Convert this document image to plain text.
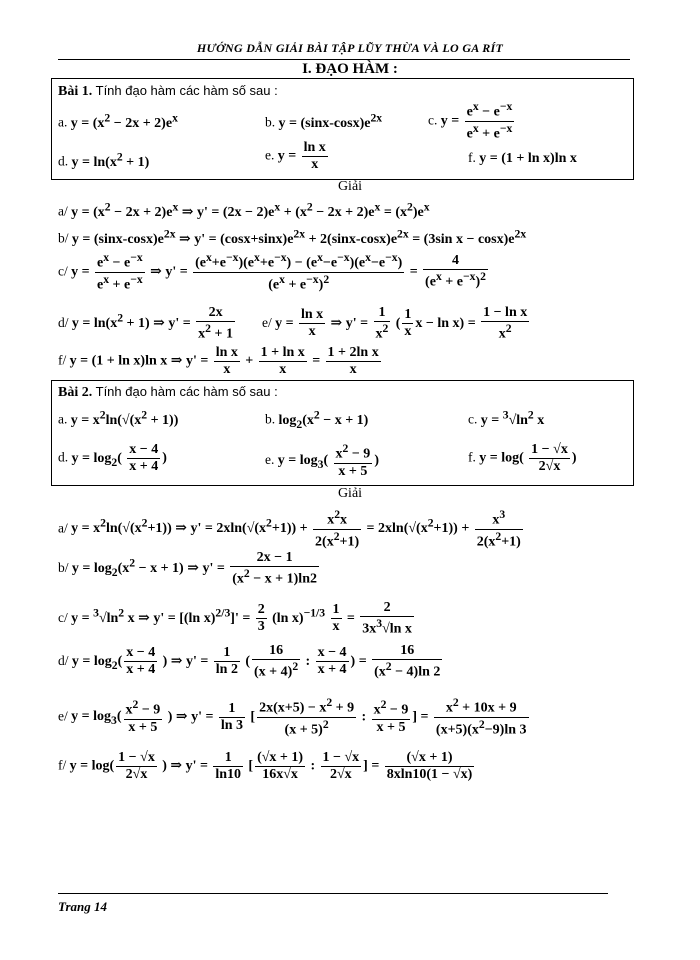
HƯỚNG DẪN GIẢI BÀI TẬP LŨY THỪA VÀ LO GA RÍT
I. ĐẠO HÀM :
Bài 1. Tính đạo hàm các hàm số sau :
a. $y = (x^2 - 2x + 2)e^x$	b. $y = (\sin x-\cos x)e^{2x}$	c. $y = \frac{e^x - e^{-x}}{e^x + e^{-x}}$
d. $y = \ln(x^2 + 1)$	e. $y = \frac{\text{ln x}}{x}$	f. y = (1 + ln x)ln x
Giải
a/ $y = (x^2 - 2x + 2)e^x$ ⇒ $y' = (2x - 2)e^x + (x^2 - 2x + 2)e^x = (x^2)e^x$
b/ $y = (\sin x-\cos x)e^{2x}$ ⇒ $y' = (\cos x+\sin x)e^{2x} + 2(\sin x-\cos x)e^{2x} = (3\sin$ $x - \cos x)e^{2x}$
c/ $y = \frac{e^x - e^{-x}}{e^x + e^{-x}}$ ⇒ $y' = \frac{(e^x+e^{-x})(e^x+e^{-x}) - (e^x-e^{-x})(e^x-e^{-x})}{(e^x + e^{-x})^2} = \frac{4}{(e^x + e^{-x})^2}$
d/ $y = \ln(x^2 + 1)$ ⇒ $y' = \frac{2x}{x^2 + 1} e/$ $y = \frac{\text{ln x}}{x}$ ⇒ $y' = \frac{1}{x^2}$ ( $\frac{1}{x}$ $x - \ln x) = \frac{\text{1 − ln x}}{x^2}$
f/ y = (1 + ln x)ln x ⇒ $y' = \frac{\text{ln x}}{x} + \frac{\text{1 + ln x}}{x} = \frac{\text{1 + 2ln x}}{x}$
Bài 2. Tính đạo hàm các hàm số sau :
a. $y = x^2\ln(√(x^2 + 1))$	b. $\log_2(x^2 - x + 1)$	c. $y = ^3√\ln^2$ x
d. $y = \log_2( \frac{x - 4}{x + 4}$ )	e. $y = \log_3( \frac{x^2 - 9}{x + 5}$ )	f. $y = \log( \frac{1 - √x}{2√x}$ )
Giải
a/ $y = x^2\ln(√(x^2+1))$ ⇒ $y' = 2xln(√(x^2+1)) + \frac{x^2x}{2(x^2+1)} = 2xln(√(x^2+1)) + \frac{x^3}{2(x^2+1)}$
b/ $y = \log_2(x^2 - x + 1)$ ⇒ $y' = \frac{2x - 1}{(x^2 - x + 1)\ln 2}$
c/ $y = ^3√\ln^2$ x ⇒ y' = [(ln $x)^{2/3}]' = \frac{2}{3} (\ln$ $x)^{-1/3} \frac{1}{x} = \frac{2}{3x^3√\ln x}$
d/ $y = \log_2( \frac{x - 4}{x + 4}$ ) ⇒ $y' = \frac{1}{\ln 2}$ ( $\frac{16}{(x + 4)^2}$ : $\frac{x - 4}{x + 4}$ ) = $\frac{16}{(x^2 - 4)\ln 2}$
e/ $y = \log_3( \frac{x^2 - 9}{x + 5}$ ) ⇒ $y' = \frac{1}{\ln 3}$ [ $\frac{2x(x+5) - x^2 + 9}{(x + 5)^2}$ : $\frac{x^2 - 9}{x + 5}$ ] = $\frac{x^2 + 10x + 9}{(x+5)(x^2-9)\ln 3}$
f/ $y = \log( \frac{1 - √x}{2√x}$ ) ⇒ $y' = \frac{1}{\ln 10}$ [ $\frac{(√x + 1)}{16x√x}$ : $\frac{1 - √x}{2√x}$ ] = $\frac{(√x + 1)}{8xln10(1 - √x)}$
Trang 14
